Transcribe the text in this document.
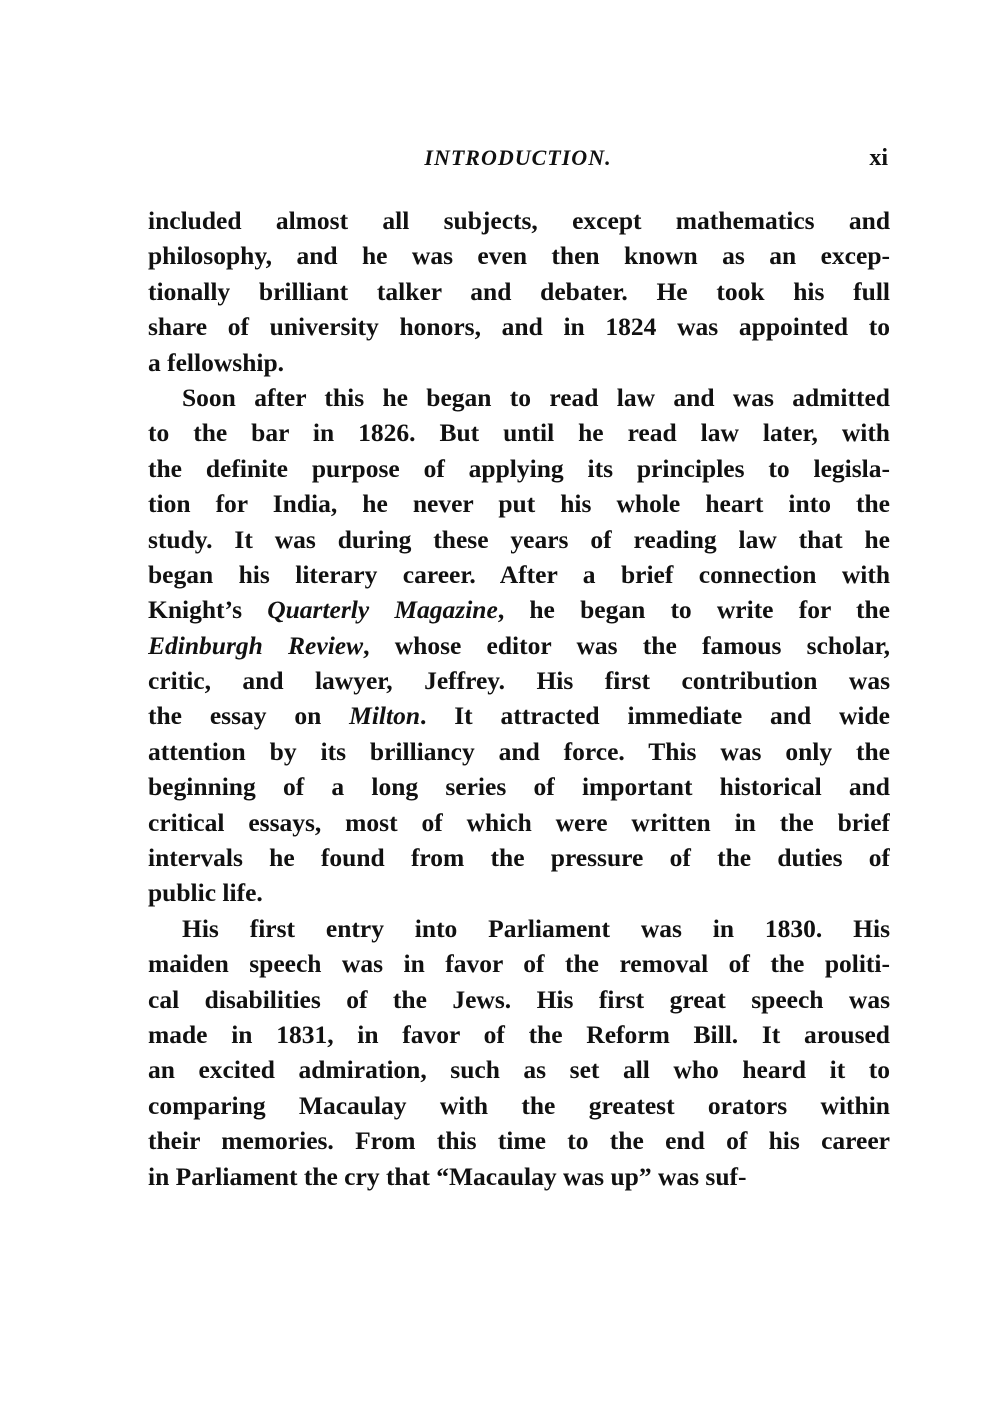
INTRODUCTION.	xi
included almost all subjects, except mathematics and
philosophy, and he was even then known as an excep-
tionally brilliant talker and debater. He took his full
share of university honors, and in 1824 was appointed to
a fellowship.
Soon after this he began to read law and was admitted
to the bar in 1826. But until he read law later, with
the definite purpose of applying its principles to legisla-
tion for India, he never put his whole heart into the
study. It was during these years of reading law that he
began his literary career. After a brief connection with
Knight’s Quarterly Magazine, he began to write for the
Edinburgh Review, whose editor was the famous scholar,
critic, and lawyer, Jeffrey. His first contribution was
the essay on Milton. It attracted immediate and wide
attention by its brilliancy and force. This was only the
beginning of a long series of important historical and
critical essays, most of which were written in the brief
intervals he found from the pressure of the duties of
public life.
His first entry into Parliament was in 1830. His
maiden speech was in favor of the removal of the politi-
cal disabilities of the Jews. His first great speech was
made in 1831, in favor of the Reform Bill. It aroused
an excited admiration, such as set all who heard it to
comparing Macaulay with the greatest orators within
their memories. From this time to the end of his career
in Parliament the cry that “Macaulay was up” was suf-
